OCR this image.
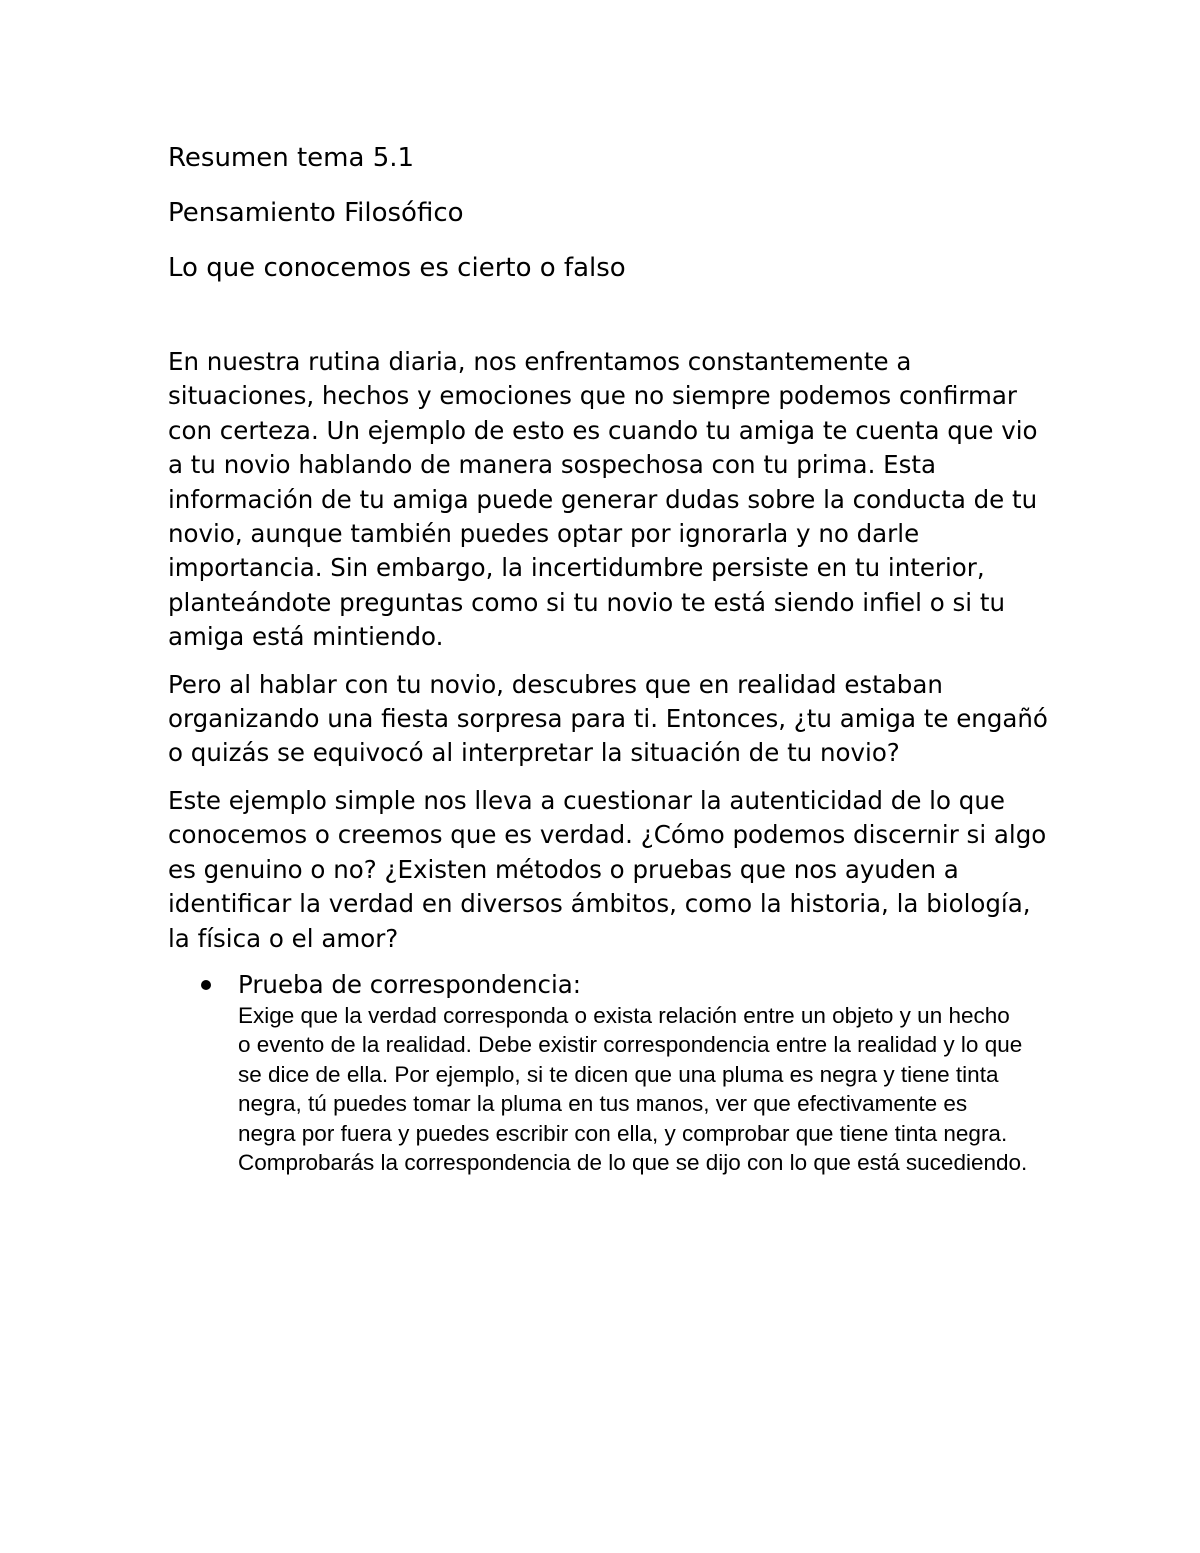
Resumen tema 5.1
Pensamiento Filosófico
Lo que conocemos es cierto o falso

En nuestra rutina diaria, nos enfrentamos constantemente a situaciones, hechos y emociones que no siempre podemos confirmar con certeza. Un ejemplo de esto es cuando tu amiga te cuenta que vio a tu novio hablando de manera sospechosa con tu prima. Esta información de tu amiga puede generar dudas sobre la conducta de tu novio, aunque también puedes optar por ignorarla y no darle importancia. Sin embargo, la incertidumbre persiste en tu interior, planteándote preguntas como si tu novio te está siendo infiel o si tu amiga está mintiendo.

Pero al hablar con tu novio, descubres que en realidad estaban organizando una fiesta sorpresa para ti. Entonces, ¿tu amiga te engañó o quizás se equivocó al interpretar la situación de tu novio?

Este ejemplo simple nos lleva a cuestionar la autenticidad de lo que conocemos o creemos que es verdad. ¿Cómo podemos discernir si algo es genuino o no? ¿Existen métodos o pruebas que nos ayuden a identificar la verdad en diversos ámbitos, como la historia, la biología, la física o el amor?

Prueba de correspondencia:
Exige que la verdad corresponda o exista relación entre un objeto y un hecho o evento de la realidad. Debe existir correspondencia entre la realidad y lo que se dice de ella. Por ejemplo, si te dicen que una pluma es negra y tiene tinta negra, tú puedes tomar la pluma en tus manos, ver que efectivamente es negra por fuera y puedes escribir con ella, y comprobar que tiene tinta negra. Comprobarás la correspondencia de lo que se dijo con lo que está sucediendo.
